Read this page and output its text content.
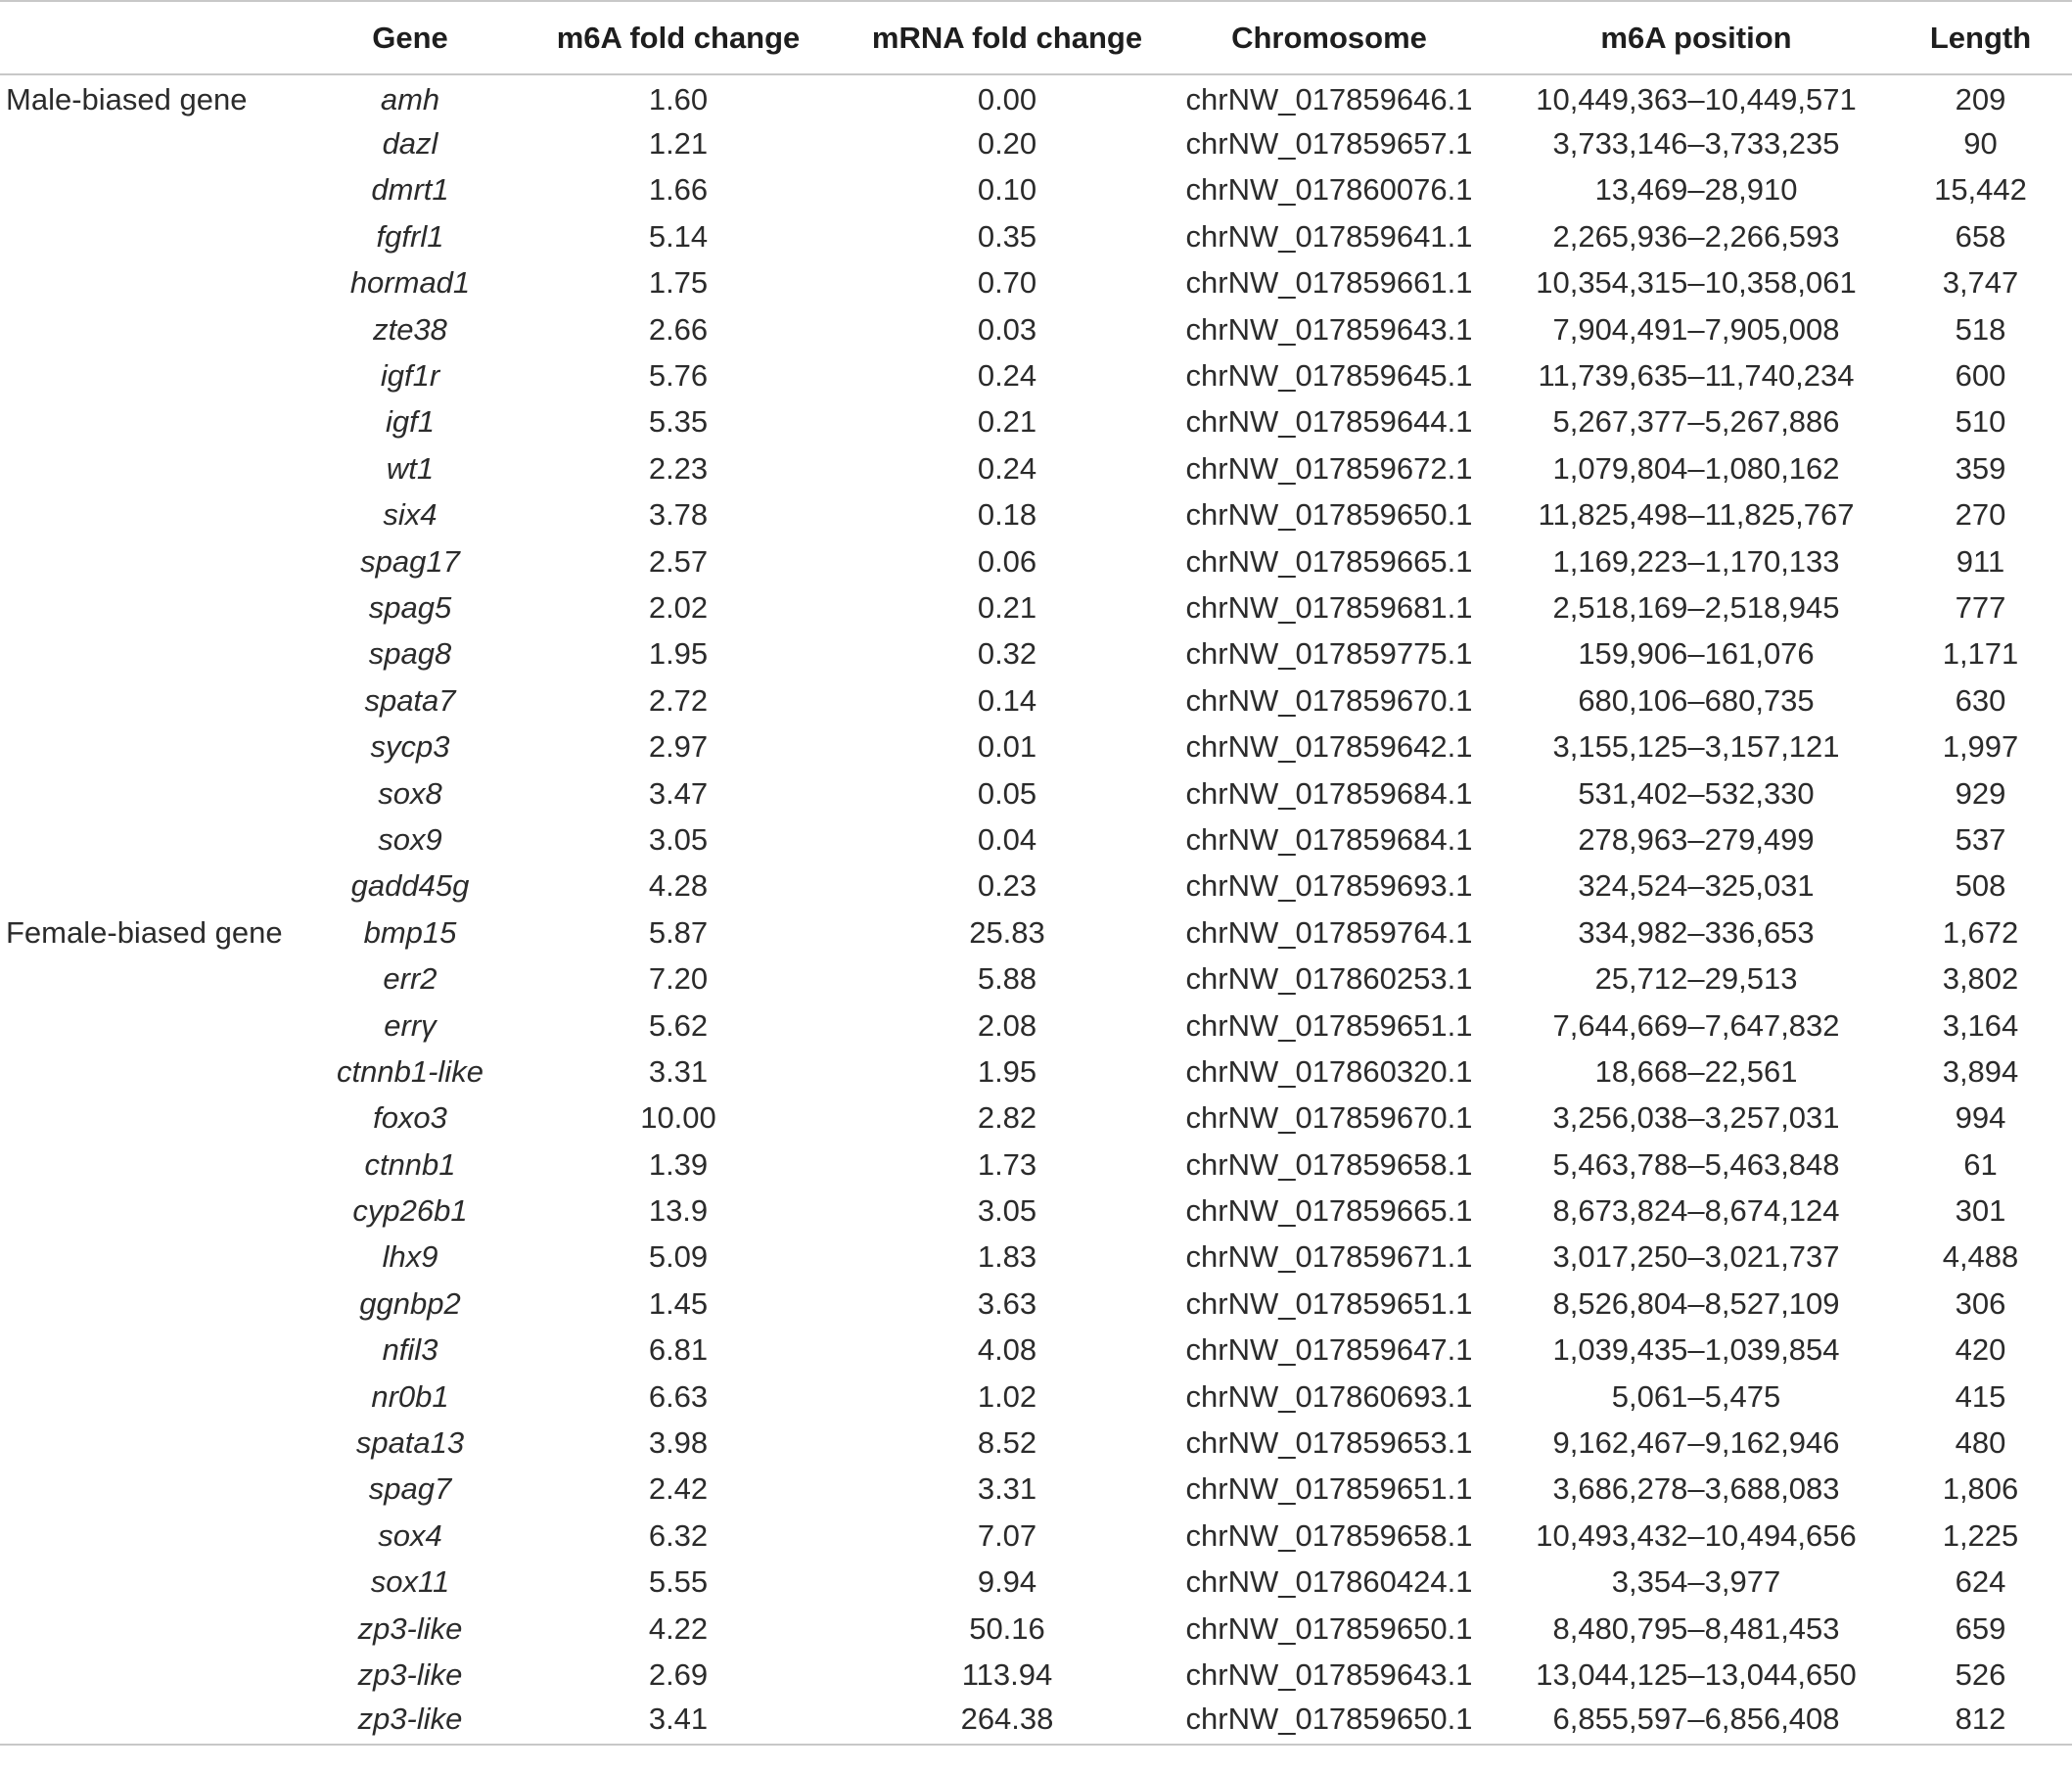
	Gene	m6A fold change	mRNA fold change	Chromosome	m6A position	Length
Male-biased gene	amh	1.60	0.00	chrNW_017859646.1	10,449,363–10,449,571	209
	dazl	1.21	0.20	chrNW_017859657.1	3,733,146–3,733,235	90
	dmrt1	1.66	0.10	chrNW_017860076.1	13,469–28,910	15,442
	fgfrl1	5.14	0.35	chrNW_017859641.1	2,265,936–2,266,593	658
	hormad1	1.75	0.70	chrNW_017859661.1	10,354,315–10,358,061	3,747
	zte38	2.66	0.03	chrNW_017859643.1	7,904,491–7,905,008	518
	igf1r	5.76	0.24	chrNW_017859645.1	11,739,635–11,740,234	600
	igf1	5.35	0.21	chrNW_017859644.1	5,267,377–5,267,886	510
	wt1	2.23	0.24	chrNW_017859672.1	1,079,804–1,080,162	359
	six4	3.78	0.18	chrNW_017859650.1	11,825,498–11,825,767	270
	spag17	2.57	0.06	chrNW_017859665.1	1,169,223–1,170,133	911
	spag5	2.02	0.21	chrNW_017859681.1	2,518,169–2,518,945	777
	spag8	1.95	0.32	chrNW_017859775.1	159,906–161,076	1,171
	spata7	2.72	0.14	chrNW_017859670.1	680,106–680,735	630
	sycp3	2.97	0.01	chrNW_017859642.1	3,155,125–3,157,121	1,997
	sox8	3.47	0.05	chrNW_017859684.1	531,402–532,330	929
	sox9	3.05	0.04	chrNW_017859684.1	278,963–279,499	537
	gadd45g	4.28	0.23	chrNW_017859693.1	324,524–325,031	508
Female-biased gene	bmp15	5.87	25.83	chrNW_017859764.1	334,982–336,653	1,672
	err2	7.20	5.88	chrNW_017860253.1	25,712–29,513	3,802
	errγ	5.62	2.08	chrNW_017859651.1	7,644,669–7,647,832	3,164
	ctnnb1-like	3.31	1.95	chrNW_017860320.1	18,668–22,561	3,894
	foxo3	10.00	2.82	chrNW_017859670.1	3,256,038–3,257,031	994
	ctnnb1	1.39	1.73	chrNW_017859658.1	5,463,788–5,463,848	61
	cyp26b1	13.9	3.05	chrNW_017859665.1	8,673,824–8,674,124	301
	lhx9	5.09	1.83	chrNW_017859671.1	3,017,250–3,021,737	4,488
	ggnbp2	1.45	3.63	chrNW_017859651.1	8,526,804–8,527,109	306
	nfil3	6.81	4.08	chrNW_017859647.1	1,039,435–1,039,854	420
	nr0b1	6.63	1.02	chrNW_017860693.1	5,061–5,475	415
	spata13	3.98	8.52	chrNW_017859653.1	9,162,467–9,162,946	480
	spag7	2.42	3.31	chrNW_017859651.1	3,686,278–3,688,083	1,806
	sox4	6.32	7.07	chrNW_017859658.1	10,493,432–10,494,656	1,225
	sox11	5.55	9.94	chrNW_017860424.1	3,354–3,977	624
	zp3-like	4.22	50.16	chrNW_017859650.1	8,480,795–8,481,453	659
	zp3-like	2.69	113.94	chrNW_017859643.1	13,044,125–13,044,650	526
	zp3-like	3.41	264.38	chrNW_017859650.1	6,855,597–6,856,408	812
